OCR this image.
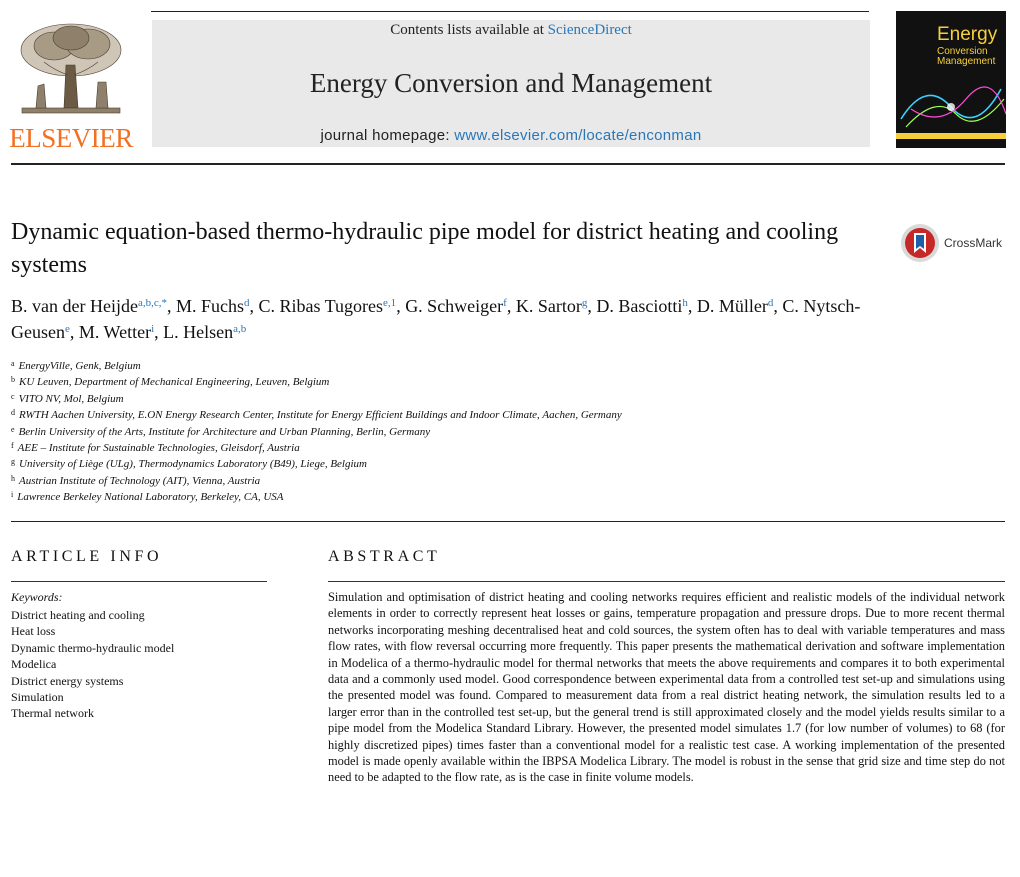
ELSEVIER
Contents lists available at ScienceDirect
Energy Conversion and Management
journal homepage: www.elsevier.com/locate/enconman
Energy
Conversion
Management
Dynamic equation-based thermo-hydraulic pipe model for district heating and cooling systems
CrossMark
B. van der Heijde$^{a,b,c,*}$, M. Fuchs$^d$, C. Ribas Tugores$^{e,1}$, G. Schweiger$^f$, K. Sartor$^g$, D. Basciotti$^h$, D. Müller$^d$, C. Nytsch-Geusen$^e$, M. Wetter$^i$, L. Helsen$^{a,b}$
$^a$ EnergyVille, Genk, Belgium
$^b$ KU Leuven, Department of Mechanical Engineering, Leuven, Belgium
$^c$ VITO NV, Mol, Belgium
$^d$ RWTH Aachen University, E.ON Energy Research Center, Institute for Energy Efficient Buildings and Indoor Climate, Aachen, Germany
$^e$ Berlin University of the Arts, Institute for Architecture and Urban Planning, Berlin, Germany
$^f$ AEE – Institute for Sustainable Technologies, Gleisdorf, Austria
$^g$ University of Liège (ULg), Thermodynamics Laboratory (B49), Liege, Belgium
$^h$ Austrian Institute of Technology (AIT), Vienna, Austria
$^i$ Lawrence Berkeley National Laboratory, Berkeley, CA, USA
ARTICLE INFO
Keywords:
District heating and cooling
Heat loss
Dynamic thermo-hydraulic model
Modelica
District energy systems
Simulation
Thermal network
ABSTRACT
Simulation and optimisation of district heating and cooling networks requires efficient and realistic models of the individual network elements in order to correctly represent heat losses or gains, temperature propagation and pressure drops. Due to more recent thermal networks incorporating meshing decentralised heat and cold sources, the system often has to deal with variable temperatures and mass flow rates, with flow reversal occurring more frequently. This paper presents the mathematical derivation and software implementation in Modelica of a thermo-hydraulic model for thermal networks that meets the above requirements and compares it to both experimental data and a commonly used model. Good correspondence between experimental data from a controlled test set-up and simulations using the presented model was found. Compared to measurement data from a real district heating network, the simulation results led to a larger error than in the controlled test set-up, but the general trend is still approximated closely and the model yields results similar to a pipe model from the Modelica Standard Library. However, the presented model simulates 1.7 (for low number of volumes) to 68 (for highly discretized pipes) times faster than a conventional model for a realistic test case. A working implementation of the presented model is made openly available within the IBPSA Modelica Library. The model is robust in the sense that grid size and time step do not need to be adapted to the flow rate, as is the case in finite volume models.
